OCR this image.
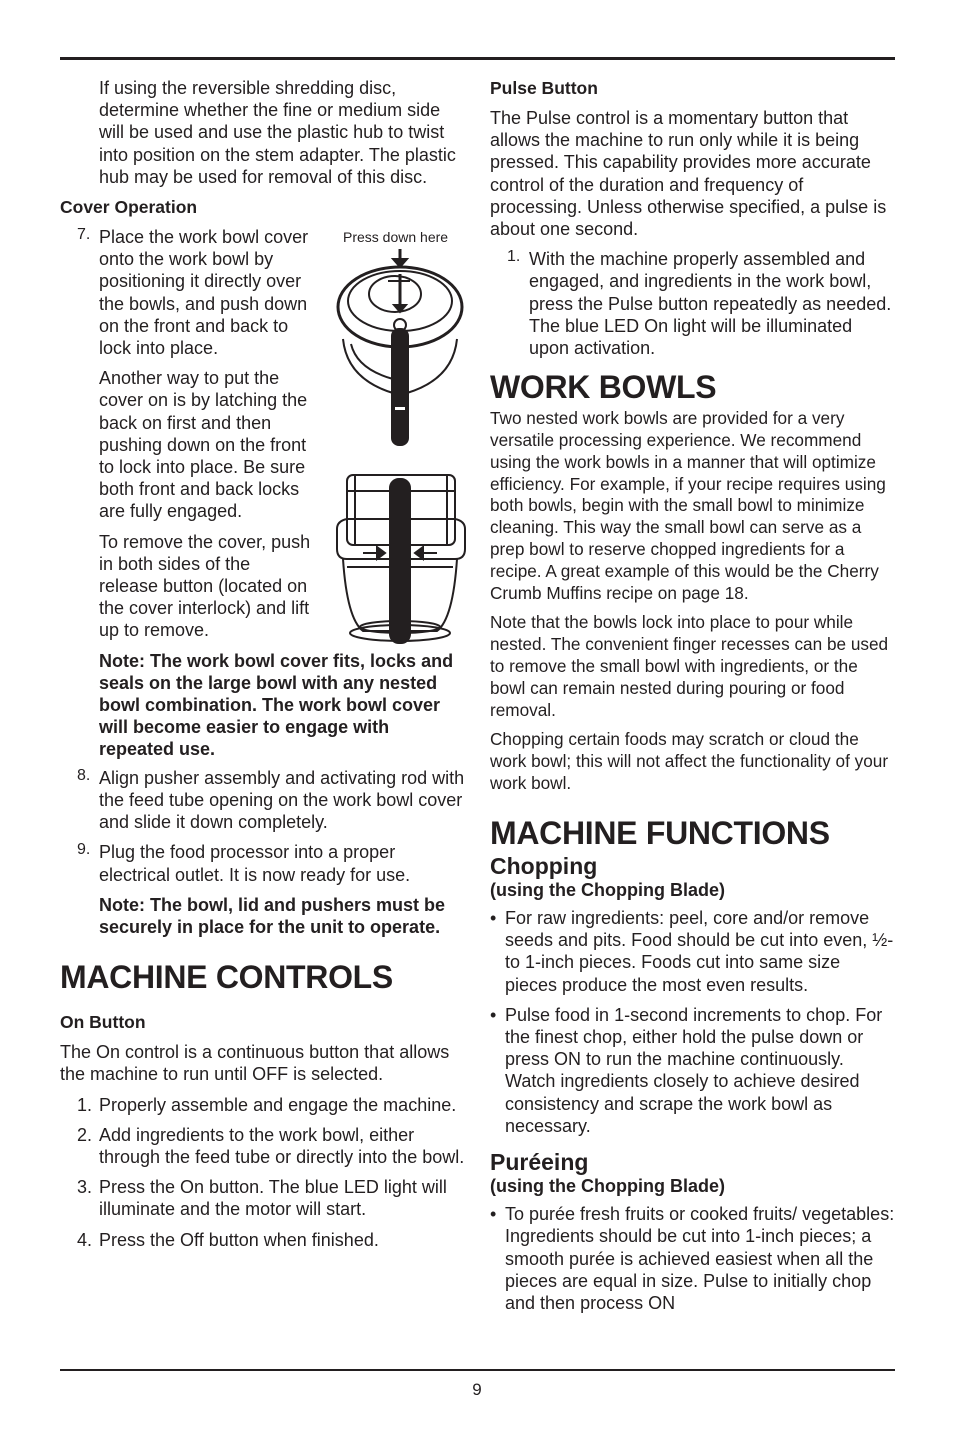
If using the reversible shredding disc, determine whether the fine or medium side will be used and use the plastic hub to twist into position on the stem adapter. The plastic hub may be used for removal of this disc.

Cover Operation

7. Place the work bowl cover onto the work bowl by positioning it directly over the bowls, and push down on the front and back to lock into place.

Another way to put the cover on is by latching the back on first and then pushing down on the front to lock into place. Be sure both front and back locks are fully engaged.

To remove the cover, push in both sides of the release button (located on the cover interlock) and lift up to remove.

Note: The work bowl cover fits, locks and seals on the large bowl with any nested bowl combination. The work bowl cover will become easier to engage with repeated use.

8. Align pusher assembly and activating rod with the feed tube opening on the work bowl cover and slide it down completely.

9. Plug the food processor into a proper electrical outlet. It is now ready for use.

Note: The bowl, lid and pushers must be securely in place for the unit to operate.

MACHINE CONTROLS

On Button

The On control is a continuous button that allows the machine to run until OFF is selected.

1. Properly assemble and engage the machine.
2. Add ingredients to the work bowl, either through the feed tube or directly into the bowl.
3. Press the On button. The blue LED light will illuminate and the motor will start.
4. Press the Off button when finished.
Press down here

Pulse Button

The Pulse control is a momentary button that allows the machine to run only while it is being pressed. This capability provides more accurate control of the duration and frequency of processing. Unless otherwise specified, a pulse is about one second.

1. With the machine properly assembled and engaged, and ingredients in the work bowl, press the Pulse button repeatedly as needed. The blue LED On light will be illuminated upon activation.

WORK BOWLS

Two nested work bowls are provided for a very versatile processing experience. We recommend using the work bowls in a manner that will optimize efficiency. For example, if your recipe requires using both bowls, begin with the small bowl to minimize cleaning. This way the small bowl can serve as a prep bowl to reserve chopped ingredients for a recipe. A great example of this would be the Cherry Crumb Muffins recipe on page 18.

Note that the bowls lock into place to pour while nested. The convenient finger recesses can be used to remove the small bowl with ingredients, or the bowl can remain nested during pouring or food removal.

Chopping certain foods may scratch or cloud the work bowl; this will not affect the functionality of your work bowl.

MACHINE FUNCTIONS
Chopping

(using the Chopping Blade)

• For raw ingredients: peel, core and/or remove seeds and pits. Food should be cut into even, ½- to 1-inch pieces. Foods cut into same size pieces produce the most even results.
• Pulse food in 1-second increments to chop. For the finest chop, either hold the pulse down or press ON to run the machine continuously. Watch ingredients closely to achieve desired consistency and scrape the work bowl as necessary.
Puréeing

(using the Chopping Blade)

• To purée fresh fruits or cooked fruits/ vegetables: Ingredients should be cut into 1-inch pieces; a smooth purée is achieved easiest when all the pieces are equal in size. Pulse to initially chop and then process ON
9
